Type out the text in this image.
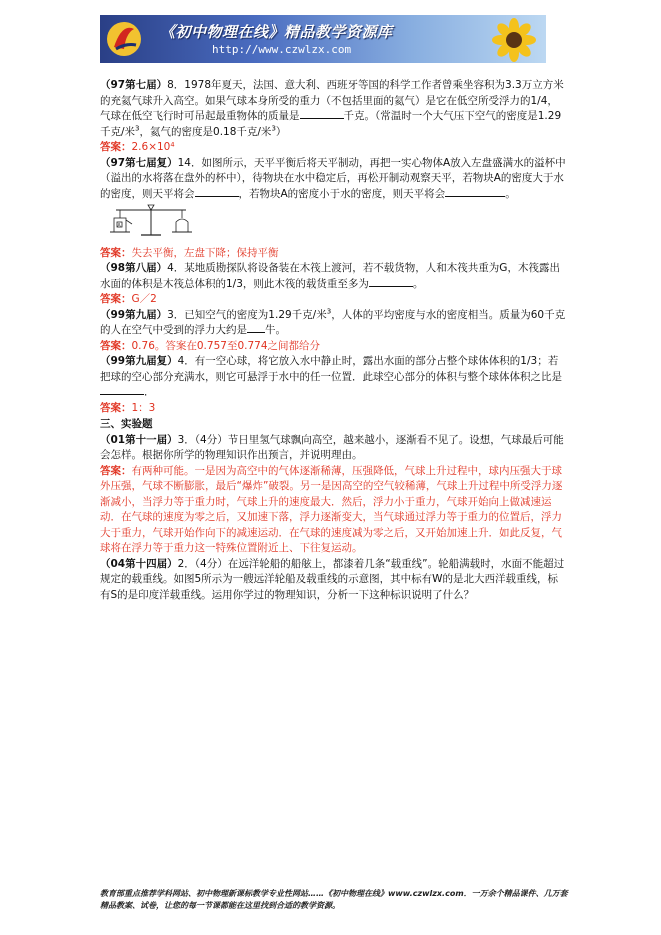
《初中物理在线》精品教学资源库
http://www.czwlzx.com
（97第七届）8．1978年夏天，法国、意大利、西班牙等国的科学工作者曾乘坐容积为3.3万立方米的充氦气球升入高空。如果气球本身所受的重力（不包括里面的氦气）是它在低空所受浮力的1/4，气球在低空飞行时可吊起最重物体的质量是	千克。（常温时一个大气压下空气的密度是1.29千克/米$^3$，氦气的密度是0.18千克/米$^3$）
答案：2.6×10⁴
（97第七届复）14．如图所示，天平平衡后将天平制动，再把一实心物体A放入左盘盛满水的溢杯中（溢出的水将落在盘外的杯中），待物块在水中稳定后，再松开制动观察天平，若物块A的密度大于水的密度，则天平将会	，若物块A的密度小于水的密度，则天平将会	。
A
答案：失去平衡，左盘下降；保持平衡
（98第八届）4．某地质勘探队将设备装在木筏上渡河，若不载货物，人和木筏共重为G，木筏露出水面的体积是木筏总体积的1/3，则此木筏的载货重至多为	。
答案：G／2
（99第九届）3．已知空气的密度为1.29千克/米$^3$，人体的平均密度与水的密度相当。质量为60千克的人在空气中受到的浮力大约是 牛。
答案：0.76。答案在0.757至0.774之间都给分
（99第九届复）4．有一空心球，将它放入水中静止时，露出水面的部分占整个球体体积的1/3；若把球的空心部分充满水，则它可悬浮于水中的任一位置．此球空心部分的体积与整个球体体积之比是．
答案：1：3
三、实验题
（01第十一届）3．（4分）节日里氢气球飘向高空，越来越小，逐渐看不见了。设想，气球最后可能会怎样。根据你所学的物理知识作出预言，并说明理由。
答案：有两种可能。一是因为高空中的气体逐渐稀薄，压强降低，气球上升过程中，球内压强大于球外压强，气球不断膨胀，最后“爆炸”破裂。另一是因高空的空气较稀薄，气球上升过程中所受浮力逐渐减小，当浮力等于重力时，气球上升的速度最大．然后，浮力小于重力，气球开始向上做减速运动．在气球的速度为零之后，又加速下落，浮力逐渐变大，当气球通过浮力等于重力的位置后，浮力大于重力，气球开始作向下的减速运动．在气球的速度减为零之后，又开始加速上升．如此反复，气球将在浮力等于重力这一特殊位置附近上、下往复运动。
（04第十四届）2．（4分）在远洋轮船的船舷上，都漆着几条“载重线”。轮船满载时，水面不能超过规定的载重线。如图5所示为一艘远洋轮船及载重线的示意图，其中标有W的是北大西洋载重线，标有S的是印度洋载重线。运用你学过的物理知识，分析一下这种标识说明了什么？
教育部重点推荐学科网站、初中物理新课标教学专业性网站……《初中物理在线》www.czwlzx.com．一万余个精品课件、几万套精品教案、试卷，让您的每一节课都能在这里找到合适的教学资源。
